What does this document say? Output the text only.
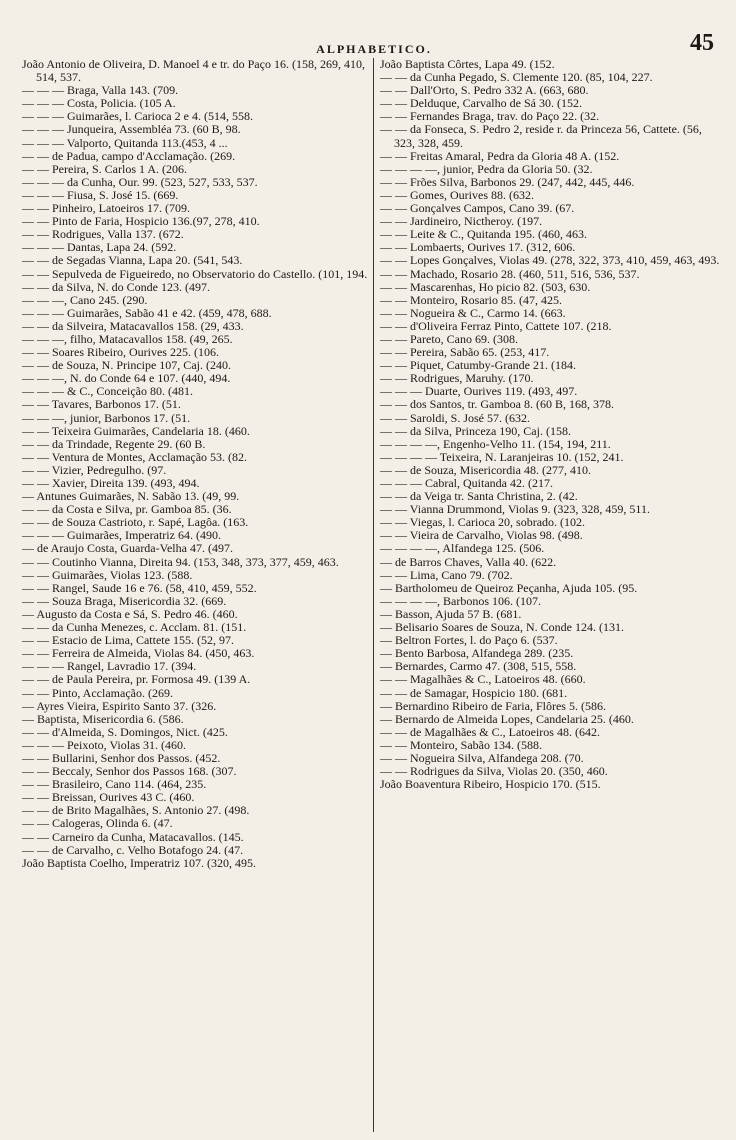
ALPHABETICO.	45
João Antonio de Oliveira, D. Manoel 4 e tr. do Paço 16. (158, 269, 410, 514, 537.
— — — Braga, Valla 143. (709.
— — — Costa, Policia. (105 A.
— — — Guimarães, l. Carioca 2 e 4. (514, 558.
— — — Junqueira, Assembléa 73. (60 B, 98.
— — — Valporto, Quitanda 113.(453, 4 ...
— — de Padua, campo d'Acclamação. (269.
— — Pereira, S. Carlos 1 A. (206.
— — — da Cunha, Our. 99. (523, 527, 533, 537.
— — — Fiusa, S. José 15. (669.
— — Pinheiro, Latoeiros 17. (709.
— — Pinto de Faria, Hospicio 136.(97, 278, 410.
— — Rodrigues, Valla 137. (672.
— — — Dantas, Lapa 24. (592.
— — de Segadas Vianna, Lapa 20. (541, 543.
— — Sepulveda de Figueiredo, no Observatorio do Castello. (101, 194.
— — da Silva, N. do Conde 123. (497.
— — —, Cano 245. (290.
— — — Guimarães, Sabão 41 e 42. (459, 478, 688.
— — da Silveira, Matacavallos 158. (29, 433.
— — —, filho, Matacavallos 158. (49, 265.
— — Soares Ribeiro, Ourives 225. (106.
— — de Souza, N. Principe 107, Caj. (240.
— — —, N. do Conde 64 e 107. (440, 494.
— — — & C., Conceição 80. (481.
— — Tavares, Barbonos 17. (51.
— — —, junior, Barbonos 17. (51.
— — Teixeira Guimarães, Candelaria 18. (460.
— — da Trindade, Regente 29. (60 B.
— — Ventura de Montes, Acclamação 53. (82.
— — Vizier, Pedregulho. (97.
— — Xavier, Direita 139. (493, 494.
— Antunes Guimarães, N. Sabão 13. (49, 99.
— — da Costa e Silva, pr. Gamboa 85. (36.
— — de Souza Castrioto, r. Sapé, Lagôa. (163.
— — — Guimarães, Imperatriz 64. (490.
— de Araujo Costa, Guarda-Velha 47. (497.
— — Coutinho Vianna, Direita 94. (153, 348, 373, 377, 459, 463.
— — Guimarães, Violas 123. (588.
— — Rangel, Saude 16 e 76. (58, 410, 459, 552.
— — Souza Braga, Misericordia 32. (669.
— Augusto da Costa e Sá, S. Pedro 46. (460.
— — da Cunha Menezes, c. Acclam. 81. (151.
— — Estacio de Lima, Cattete 155. (52, 97.
— — Ferreira de Almeida, Violas 84. (450, 463.
— — — Rangel, Lavradio 17. (394.
— — de Paula Pereira, pr. Formosa 49. (139 A.
— — Pinto, Acclamação. (269.
— Ayres Vieira, Espirito Santo 37. (326.
— Baptista, Misericordia 6. (586.
— — d'Almeida, S. Domingos, Nict. (425.
— — — Peixoto, Violas 31. (460.
— — Bullarini, Senhor dos Passos. (452.
— — Beccaly, Senhor dos Passos 168. (307.
— — Brasileiro, Cano 114. (464, 235.
— — Breissan, Ourives 43 C. (460.
— — de Brito Magalhães, S. Antonio 27. (498.
— — Calogeras, Olinda 6. (47.
— — Carneiro da Cunha, Matacavallos. (145.
— — de Carvalho, c. Velho Botafogo 24. (47.
João Baptista Coelho, Imperatriz 107. (320, 495.
João Baptista Côrtes, Lapa 49. (152.
— — da Cunha Pegado, S. Clemente 120. (85, 104, 227.
— — Dall'Orto, S. Pedro 332 A. (663, 680.
— — Delduque, Carvalho de Sá 30. (152.
— — Fernandes Braga, trav. do Paço 22. (32.
— — da Fonseca, S. Pedro 2, reside r. da Princeza 56, Cattete. (56, 323, 328, 459.
— — Freitas Amaral, Pedra da Gloria 48 A. (152.
— — — —, junior, Pedra da Gloria 50. (32.
— — Frões Silva, Barbonos 29. (247, 442, 445, 446.
— — Gomes, Ourives 88. (632.
— — Gonçalves Campos, Cano 39. (67.
— — Jardineiro, Nictheroy. (197.
— — Leite & C., Quitanda 195. (460, 463.
— — Lombaerts, Ourives 17. (312, 606.
— — Lopes Gonçalves, Violas 49. (278, 322, 373, 410, 459, 463, 493.
— — Machado, Rosario 28. (460, 511, 516, 536, 537.
— — Mascarenhas, Ho picio 82. (503, 630.
— — Monteiro, Rosario 85. (47, 425.
— — Nogueira & C., Carmo 14. (663.
— — d'Oliveira Ferraz Pinto, Cattete 107. (218.
— — Pareto, Cano 69. (308.
— — Pereira, Sabão 65. (253, 417.
— — Piquet, Catumby-Grande 21. (184.
— — Rodrigues, Maruhy. (170.
— — — Duarte, Ourives 119. (493, 497.
— — dos Santos, tr. Gamboa 8. (60 B, 168, 378.
— — Saroldi, S. José 57. (632.
— — da Silva, Princeza 190, Caj. (158.
— — — —, Engenho-Velho 11. (154, 194, 211.
— — — — Teixeira, N. Laranjeiras 10. (152, 241.
— — de Souza, Misericordia 48. (277, 410.
— — — Cabral, Quitanda 42. (217.
— — da Veiga tr. Santa Christina, 2. (42.
— — Vianna Drummond, Violas 9. (323, 328, 459, 511.
— — Viegas, l. Carioca 20, sobrado. (102.
— — Vieira de Carvalho, Violas 98. (498.
— — — —, Alfandega 125. (506.
— de Barros Chaves, Valla 40. (622.
— — Lima, Cano 79. (702.
— Bartholomeu de Queiroz Peçanha, Ajuda 105. (95.
— — — —, Barbonos 106. (107.
— Basson, Ajuda 57 B. (681.
— Belisario Soares de Souza, N. Conde 124. (131.
— Beltron Fortes, l. do Paço 6. (537.
— Bento Barbosa, Alfandega 289. (235.
— Bernardes, Carmo 47. (308, 515, 558.
— — Magalhães & C., Latoeiros 48. (660.
— — de Samagar, Hospicio 180. (681.
— Bernardino Ribeiro de Faria, Flôres 5. (586.
— Bernardo de Almeida Lopes, Candelaria 25. (460.
— — de Magalhães & C., Latoeiros 48. (642.
— — Monteiro, Sabão 134. (588.
— — Nogueira Silva, Alfandega 208. (70.
— — Rodrigues da Silva, Violas 20. (350, 460.
João Boaventura Ribeiro, Hospicio 170. (515.
